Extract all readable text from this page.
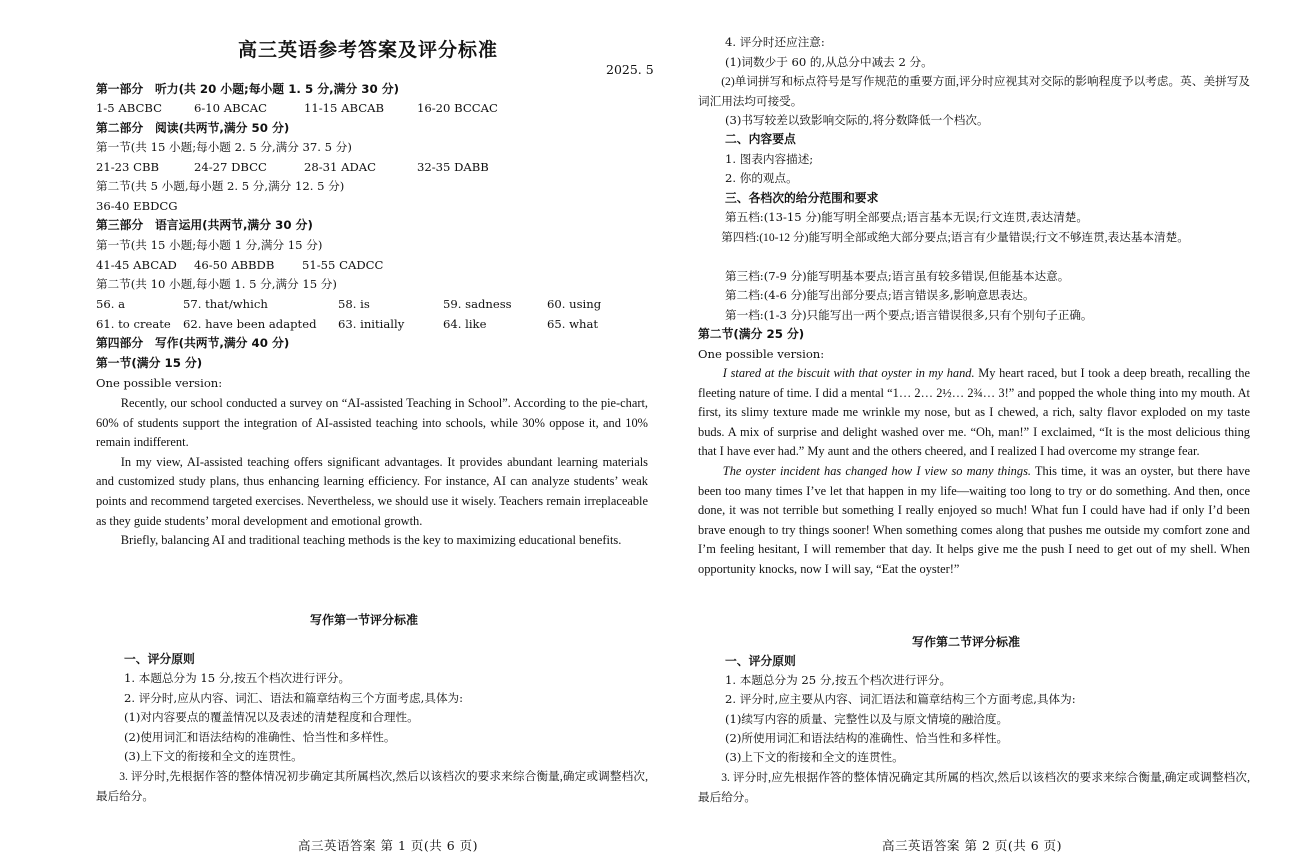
高三英语参考答案及评分标准
2025. 5
第一部分　听力(共 20 小题;每小题 1. 5 分,满分 30 分)
1-5 ABCBC	6-10 ABCAC	11-15 ABCAB	16-20 BCCAC
第二部分　阅读(共两节,满分 50 分)
第一节(共 15 小题;每小题 2. 5 分,满分 37. 5 分)
21-23 CBB	24-27 DBCC	28-31 ADAC	32-35 DABB
第二节(共 5 小题,每小题 2. 5 分,满分 12. 5 分)
36-40 EBDCG
第三部分　语言运用(共两节,满分 30 分)
第一节(共 15 小题;每小题 1 分,满分 15 分)
41-45 ABCAD 46-50 ABBDB 51-55 CADCC
第二节(共 10 小题,每小题 1. 5 分,满分 15 分)
56. a	57. that/which	58. is	59. sadness	60. using
61. to create 62. have been adapted 63. initially	64. like	65. what
第四部分　写作(共两节,满分 40 分)
第一节(满分 15 分)
One possible version:

Recently, our school conducted a survey on “AI-assisted Teaching in School”. According to the pie-chart, 60% of students support the integration of AI-assisted teaching into schools, while 30% oppose it, and 10% remain indifferent.

In my view, AI-assisted teaching offers significant advantages. It provides abundant learning materials and customized study plans, thus enhancing learning efficiency. For instance, AI can analyze students’ weak points and recommend targeted exercises. Nevertheless, we should use it wisely. Teachers remain irreplaceable as they guide students’ moral development and emotional growth.

Briefly, balancing AI and traditional teaching methods is the key to maximizing educational benefits.

写作第一节评分标准
一、评分原则
1. 本题总分为 15 分,按五个档次进行评分。
2. 评分时,应从内容、词汇、语法和篇章结构三个方面考虑,具体为:
(1)对内容要点的覆盖情况以及表述的清楚程度和合理性。
(2)使用词汇和语法结构的准确性、恰当性和多样性。
(3)上下文的衔接和全文的连贯性。

3. 评分时,先根据作答的整体情况初步确定其所属档次,然后以该档次的要求来综合衡量,确定或调整档次,最后给分。

高三英语答案 第 1 页(共 6 页)
4. 评分时还应注意:
(1)词数少于 60 的,从总分中减去 2 分。

(2)单词拼写和标点符号是写作规范的重要方面,评分时应视其对交际的影响程度予以考虑。英、美拼写及词汇用法均可接受。

(3)书写较差以致影响交际的,将分数降低一个档次。
二、内容要点
1. 图表内容描述;
2. 你的观点。
三、各档次的给分范围和要求
第五档:(13-15 分)能写明全部要点;语言基本无误;行文连贯,表达清楚。

第四档:(10-12 分)能写明全部或绝大部分要点;语言有少量错误;行文不够连贯,表达基本清楚。

第三档:(7-9 分)能写明基本要点;语言虽有较多错误,但能基本达意。
第二档:(4-6 分)能写出部分要点;语言错误多,影响意思表达。
第一档:(1-3 分)只能写出一两个要点;语言错误很多,只有个别句子正确。
第二节(满分 25 分)
One possible version:

I stared at the biscuit with that oyster in my hand. My heart raced, but I took a deep breath, recalling the fleeting nature of time. I did a mental “1… 2… 2½… 2¾… 3!” and popped the whole thing into my mouth. At first, its slimy texture made me wrinkle my nose, but as I chewed, a rich, salty flavor exploded on my taste buds. A mix of surprise and delight washed over me. “Oh, man!” I exclaimed, “It is the most delicious thing that I have ever had.” My aunt and the others cheered, and I realized I had overcome my strange fear.

The oyster incident has changed how I view so many things. This time, it was an oyster, but there have been too many times I’ve let that happen in my life—waiting too long to try or do something. And then, once done, it was not terrible but something I really enjoyed so much! What fun I could have had if only I’d been brave enough to try things sooner! When something comes along that pushes me outside my comfort zone and I’m feeling hesitant, I will remember that day. It helps give me the push I need to get out of my shell. When opportunity knocks, now I will say, “Eat the oyster!”

写作第二节评分标准
一、评分原则
1. 本题总分为 25 分,按五个档次进行评分。
2. 评分时,应主要从内容、词汇语法和篇章结构三个方面考虑,具体为:
(1)续写内容的质量、完整性以及与原文情境的融洽度。
(2)所使用词汇和语法结构的准确性、恰当性和多样性。
(3)上下文的衔接和全文的连贯性。

3. 评分时,应先根据作答的整体情况确定其所属的档次,然后以该档次的要求来综合衡量,确定或调整档次,最后给分。

高三英语答案 第 2 页(共 6 页)
